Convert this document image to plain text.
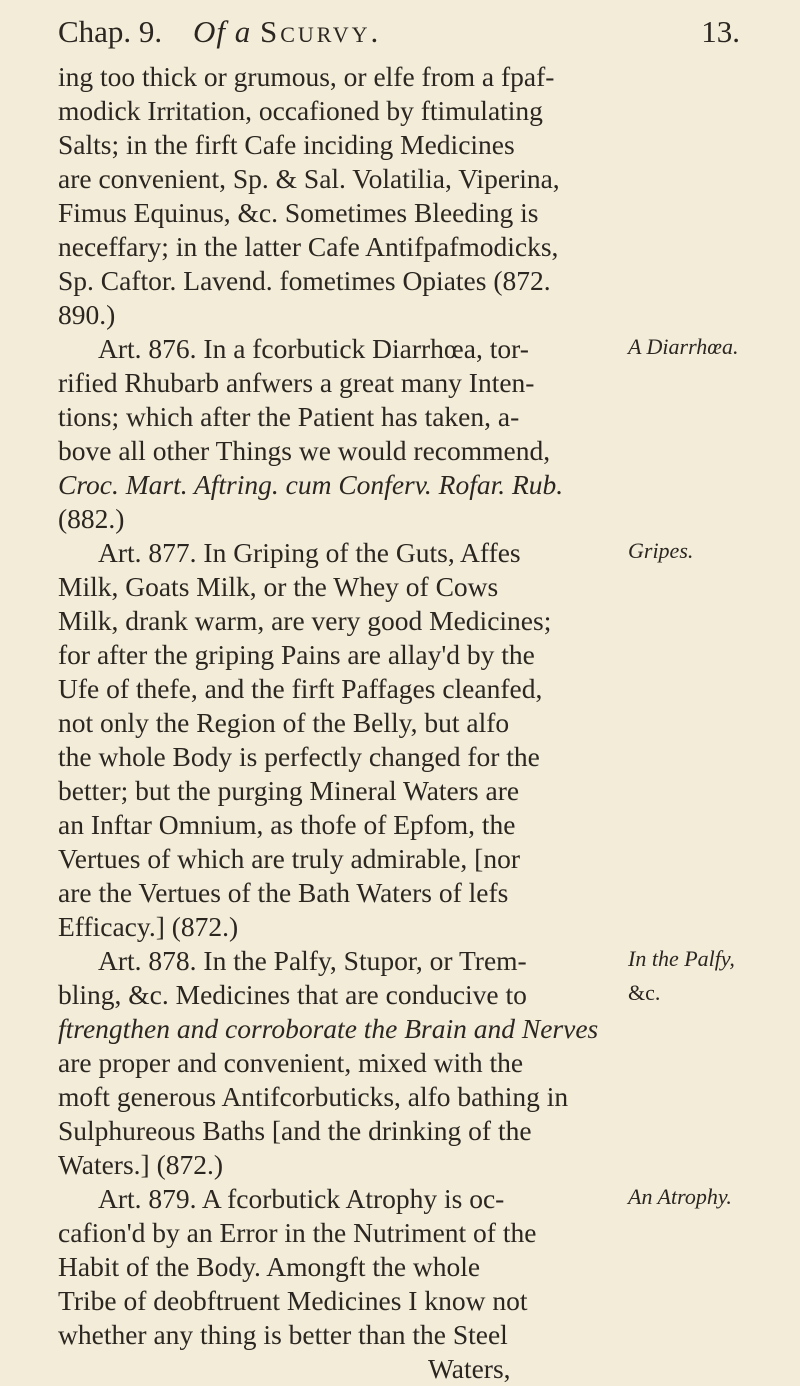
Chap. 9. Of a Scurvy.	13.
ing too thick or grumous, or elfe from a fpaf-
modick Irritation, occafioned by ftimulating
Salts; in the firft Cafe inciding Medicines
are convenient, Sp. & Sal. Volatilia, Viperina,
Fimus Equinus, &c. Sometimes Bleeding is
neceffary; in the latter Cafe Antifpafmodicks,
Sp. Caftor. Lavend. fometimes Opiates (872.
890.)
Art. 876. In a fcorbutick Diarrhœa, tor-
rified Rhubarb anfwers a great many Inten-
tions; which after the Patient has taken, a-
bove all other Things we would recommend,
Croc. Mart. Aftring. cum Conferv. Rofar. Rub.
(882.)
Art. 877. In Griping of the Guts, Affes
Milk, Goats Milk, or the Whey of Cows
Milk, drank warm, are very good Medicines;
for after the griping Pains are allay'd by the
Ufe of thefe, and the firft Paffages cleanfed,
not only the Region of the Belly, but alfo
the whole Body is perfectly changed for the
better; but the purging Mineral Waters are
an Inftar Omnium, as thofe of Epfom, the
Vertues of which are truly admirable, [nor
are the Vertues of the Bath Waters of lefs
Efficacy.] (872.)
Art. 878. In the Palfy, Stupor, or Trem-
bling, &c. Medicines that are conducive to
ftrengthen and corroborate the Brain and Nerves
are proper and convenient, mixed with the
moft generous Antifcorbuticks, alfo bathing in
Sulphureous Baths [and the drinking of the
Waters.] (872.)
Art. 879. A fcorbutick Atrophy is oc-
cafion'd by an Error in the Nutriment of the
Habit of the Body. Amongft the whole
Tribe of deobftruent Medicines I know not
whether any thing is better than the Steel
Waters,
A Diarrhœa.
Gripes.
In the Palfy,
&c.
An Atrophy.
